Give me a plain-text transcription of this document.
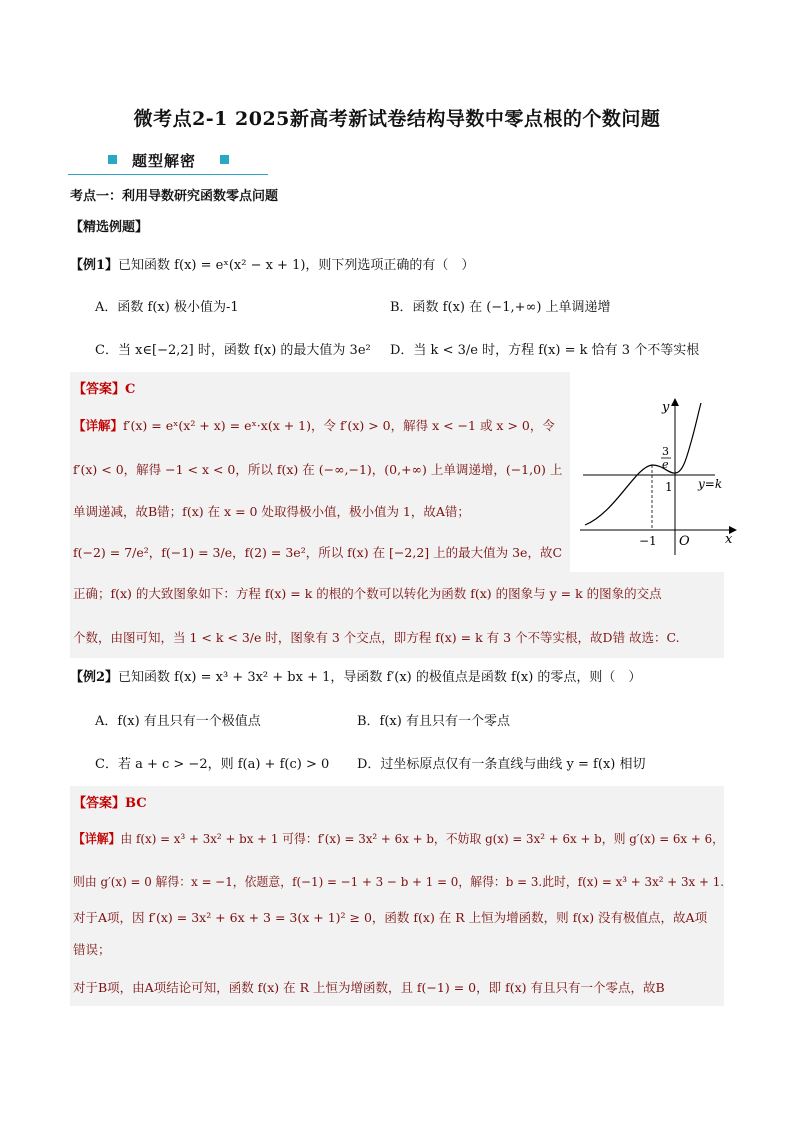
微考点2-1 2025新高考新试卷结构导数中零点根的个数问题
题型解密
考点一：利用导数研究函数零点问题
【精选例题】
【例1】已知函数 f(x) = eˣ(x² − x + 1)，则下列选项正确的有（　）
A．函数 f(x) 极小值为-1	B．函数 f(x) 在 (−1,+∞) 上单调递增
C．当 x∈[−2,2] 时，函数 f(x) 的最大值为 3e² D．当 k < 3/e 时，方程 f(x) = k 恰有 3 个不等实根
【答案】C
【详解】f′(x) = eˣ(x² + x) = eˣ·x(x + 1)，令 f′(x) > 0，解得 x < −1 或 x > 0，令
f′(x) < 0，解得 −1 < x < 0，所以 f(x) 在 (−∞,−1)，(0,+∞) 上单调递增，(−1,0) 上
单调递减，故B错；f(x) 在 x = 0 处取得极小值，极小值为 1，故A错；
f(−2) = 7/e²，f(−1) = 3/e，f(2) = 3e²，所以 f(x) 在 [−2,2] 上的最大值为 3e，故C
正确；f(x) 的大致图象如下：方程 f(x) = k 的根的个数可以转化为函数 f(x) 的图象与 y = k 的图象的交点
个数，由图可知，当 1 < k < 3/e 时，图象有 3 个交点，即方程 f(x) = k 有 3 个不等实根，故D错 故选：C.
y
x
O
−1
1
3
e
y=k
【例2】已知函数 f(x) = x³ + 3x² + bx + 1，导函数 f′(x) 的极值点是函数 f(x) 的零点，则（　）
A．f(x) 有且只有一个极值点	B．f(x) 有且只有一个零点
C．若 a + c > −2，则 f(a) + f(c) > 0 D．过坐标原点仅有一条直线与曲线 y = f(x) 相切
【答案】BC
【详解】由 f(x) = x³ + 3x² + bx + 1 可得：f′(x) = 3x² + 6x + b，不妨取 g(x) = 3x² + 6x + b，则 g′(x) = 6x + 6，
则由 g′(x) = 0 解得：x = −1，依题意，f(−1) = −1 + 3 − b + 1 = 0，解得：b = 3.此时，f(x) = x³ + 3x² + 3x + 1.
对于A项，因 f′(x) = 3x² + 6x + 3 = 3(x + 1)² ≥ 0，函数 f(x) 在 R 上恒为增函数，则 f(x) 没有极值点，故A项
错误；
对于B项，由A项结论可知，函数 f(x) 在 R 上恒为增函数，且 f(−1) = 0，即 f(x) 有且只有一个零点，故B
